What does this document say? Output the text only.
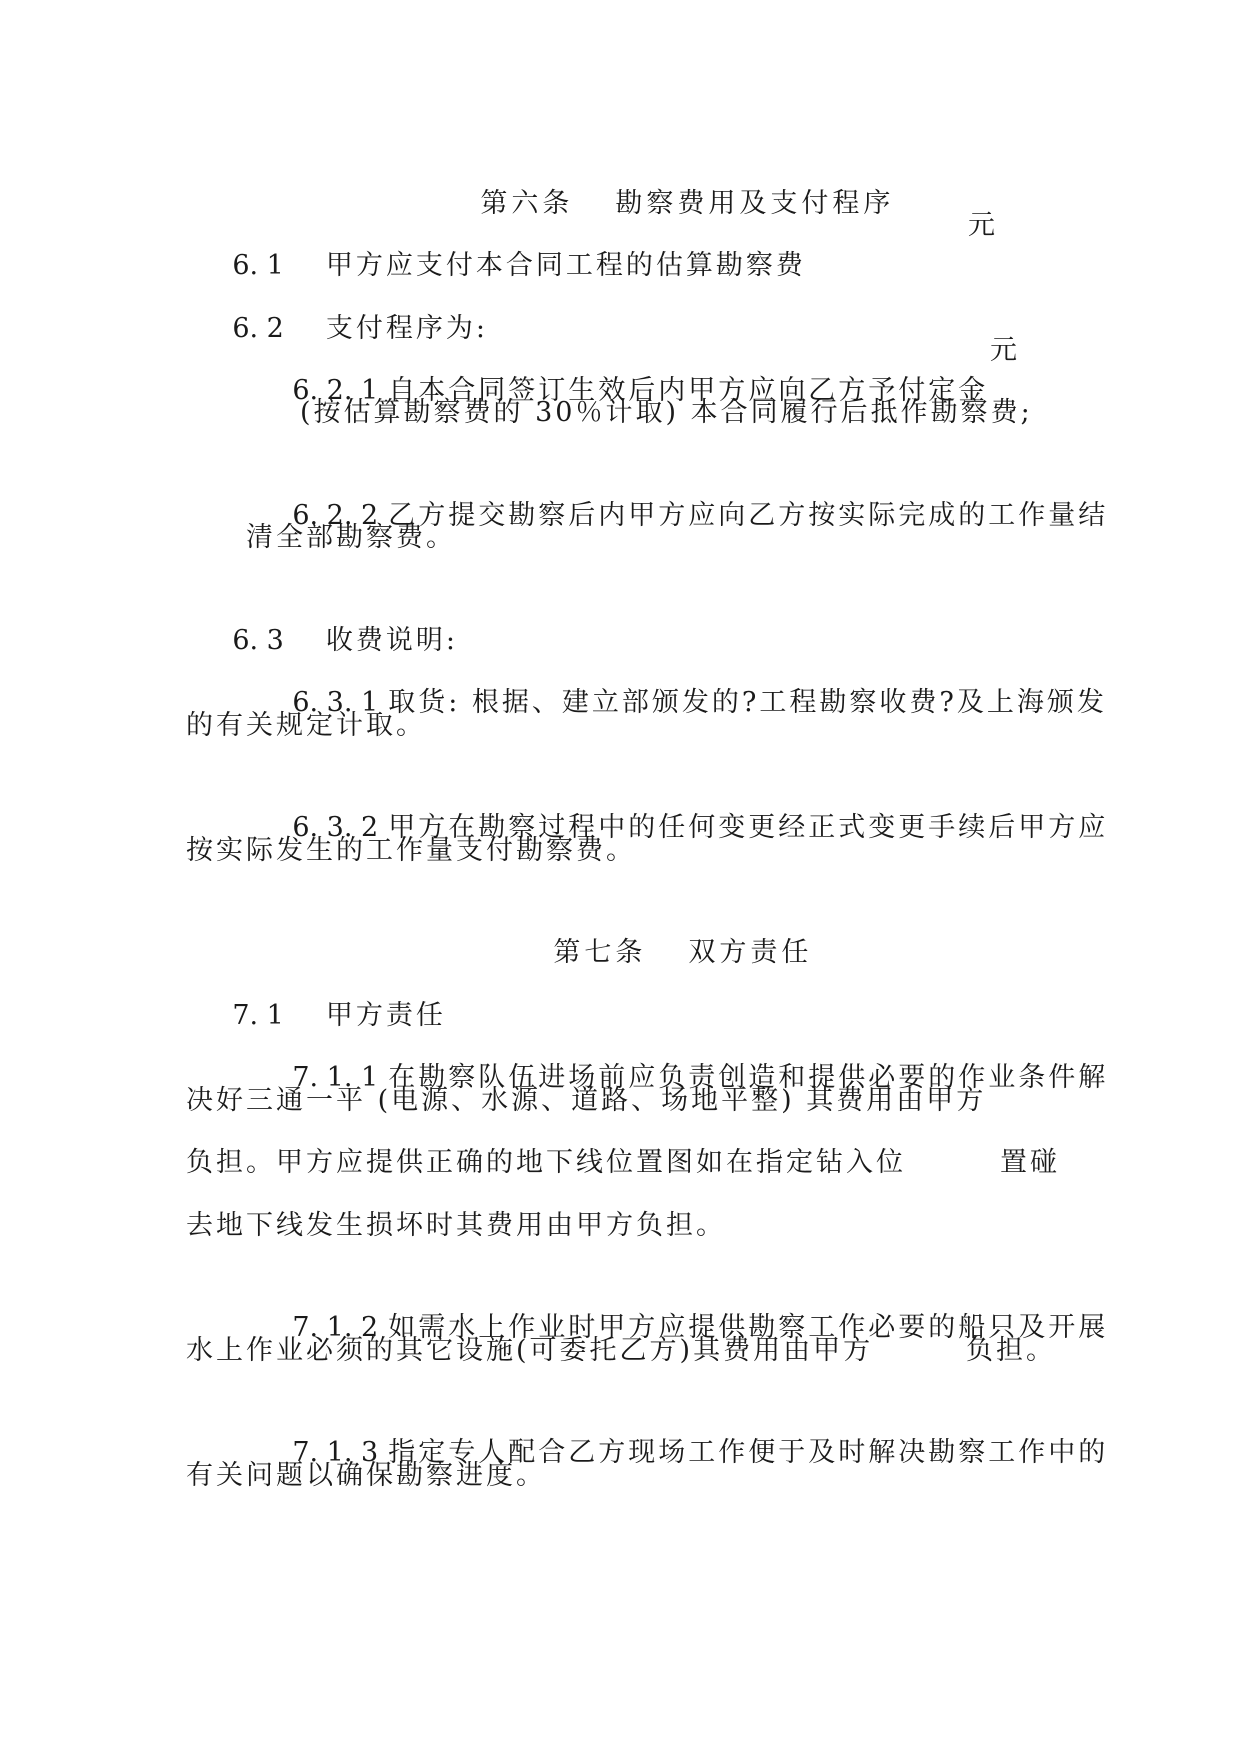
第六条 勘察费用及支付程序

6. 1 甲方应支付本合同工程的估算勘察费

元

6. 2 支付程序为:

6. 2. 1 自本合同签订生效后内甲方应向乙方予付定金

元
(按估算勘察费的 30％计取) 本合同履行后抵作勘察费;

6. 2. 2 乙方提交勘察后内甲方应向乙方按实际完成的工作量结

清全部勘察费。

6. 3 收费说明:

6. 3. 1 取货: 根据、建立部颁发的?工程勘察收费?及上海颁发

的有关规定计取。

6. 3. 2 甲方在勘察过程中的任何变更经正式变更手续后甲方应

按实际发生的工作量支付勘察费。

第七条 双方责任

7. 1 甲方责任

7. 1. 1 在勘察队伍进场前应负责创造和提供必要的作业条件解

决好三通一平 (电源、水源、道路、场地平整) 其费用由甲方
负担。甲方应提供正确的地下线位置图如在指定钻入位	置碰
去地下线发生损坏时其费用由甲方负担。

7. 1. 2 如需水上作业时甲方应提供勘察工作必要的船只及开展

水上作业必须的其它设施(可委托乙方)其费用由甲方	负担。

7. 1. 3 指定专人配合乙方现场工作便于及时解决勘察工作中的

有关问题以确保勘察进度。
